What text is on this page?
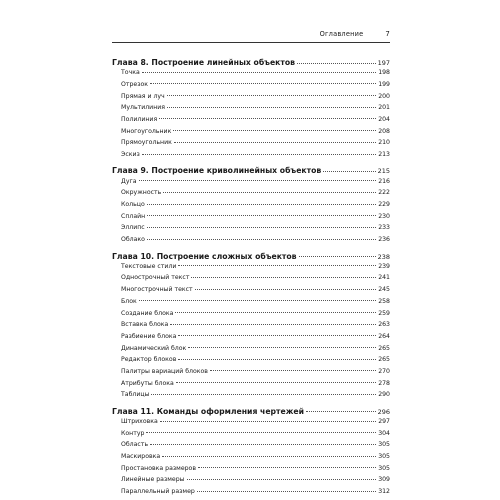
Оглавление	7
Глава 8. Построение линейных объектов	197
Точка	198
Отрезок	199
Прямая и луч	200
Мультилиния	201
Полилиния	204
Многоугольник	208
Прямоугольник	210
Эскиз	213
Глава 9. Построение криволинейных объектов	215
Дуга	216
Окружность	222
Кольцо	229
Сплайн	230
Эллипс	233
Облако	236
Глава 10. Построение сложных объектов	238
Текстовые стили	239
Однострочный текст	241
Многострочный текст	245
Блок	258
Создание блока	259
Вставка блока	263
Разбиение блока	264
Динамический блок	265
Редактор блоков	265
Палитры вариаций блоков	270
Атрибуты блока	278
Таблицы	290
Глава 11. Команды оформления чертежей	296
Штриховка	297
Контур	304
Область	305
Маскировка	305
Простановка размеров	305
Линейные размеры	309
Параллельный размер	312
